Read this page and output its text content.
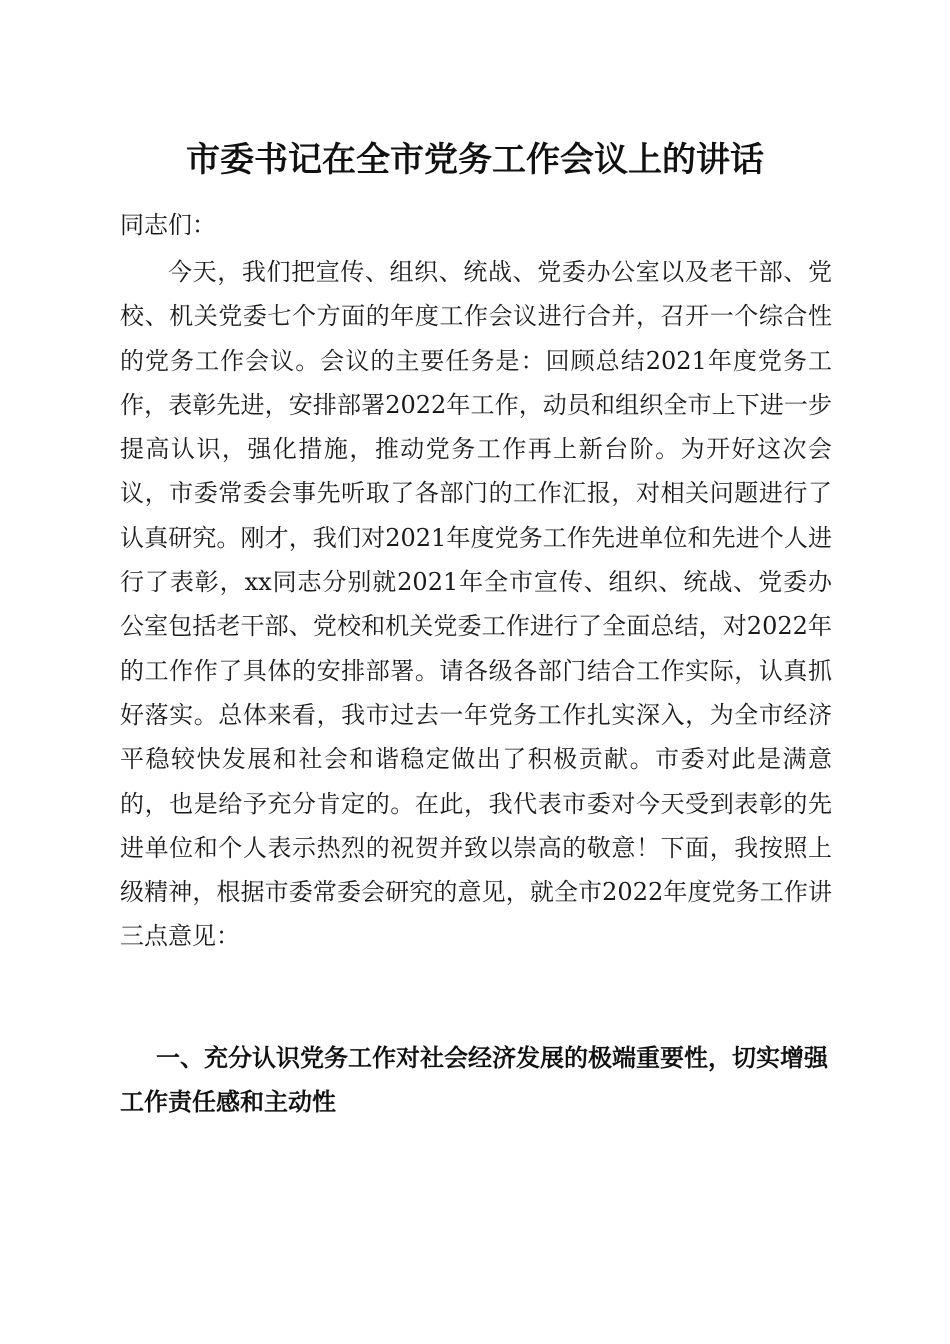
市委书记在全市党务工作会议上的讲话

同志们：

今天，我们把宣传、组织、统战、党委办公室以及老干部、党校、机关党委七个方面的年度工作会议进行合并，召开一个综合性的党务工作会议。会议的主要任务是：回顾总结2021年度党务工作，表彰先进，安排部署2022年工作，动员和组织全市上下进一步提高认识，强化措施，推动党务工作再上新台阶。为开好这次会议，市委常委会事先听取了各部门的工作汇报，对相关问题进行了认真研究。刚才，我们对2021年度党务工作先进单位和先进个人进行了表彰，xx同志分别就2021年全市宣传、组织、统战、党委办公室包括老干部、党校和机关党委工作进行了全面总结，对2022年的工作作了具体的安排部署。请各级各部门结合工作实际，认真抓好落实。总体来看，我市过去一年党务工作扎实深入，为全市经济平稳较快发展和社会和谐稳定做出了积极贡献。市委对此是满意的，也是给予充分肯定的。在此，我代表市委对今天受到表彰的先进单位和个人表示热烈的祝贺并致以崇高的敬意！下面，我按照上级精神，根据市委常委会研究的意见，就全市2022年度党务工作讲三点意见：

一、充分认识党务工作对社会经济发展的极端重要性，切实增强工作责任感和主动性
